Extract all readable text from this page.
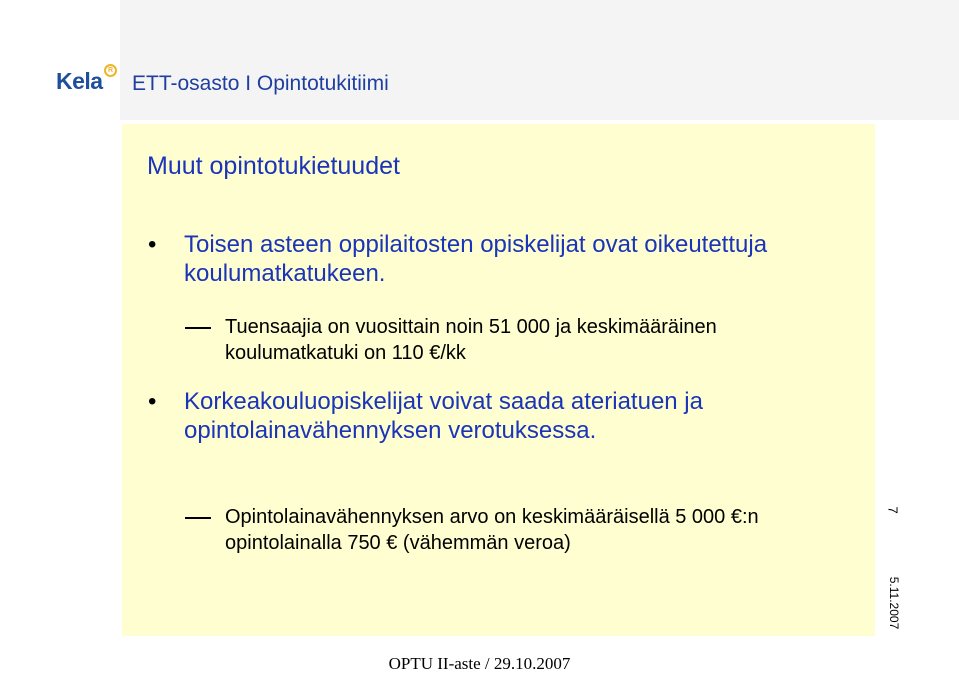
Kela R
ETT-osasto I Opintotukitiimi
Muut opintotukietuudet
• Toisen asteen oppilaitosten opiskelijat ovat oikeutettuja koulumatkatukeen.
Tuensaajia on vuosittain noin 51 000 ja keskimääräinen koulumatkatuki on 110 €/kk
• Korkeakouluopiskelijat voivat saada ateriatuen ja opintolainavähennyksen verotuksessa.
Opintolainavähennyksen arvo on keskimääräisellä 5 000 €:n opintolainalla 750 € (vähemmän veroa)
7
5.11.2007
OPTU II-aste / 29.10.2007
